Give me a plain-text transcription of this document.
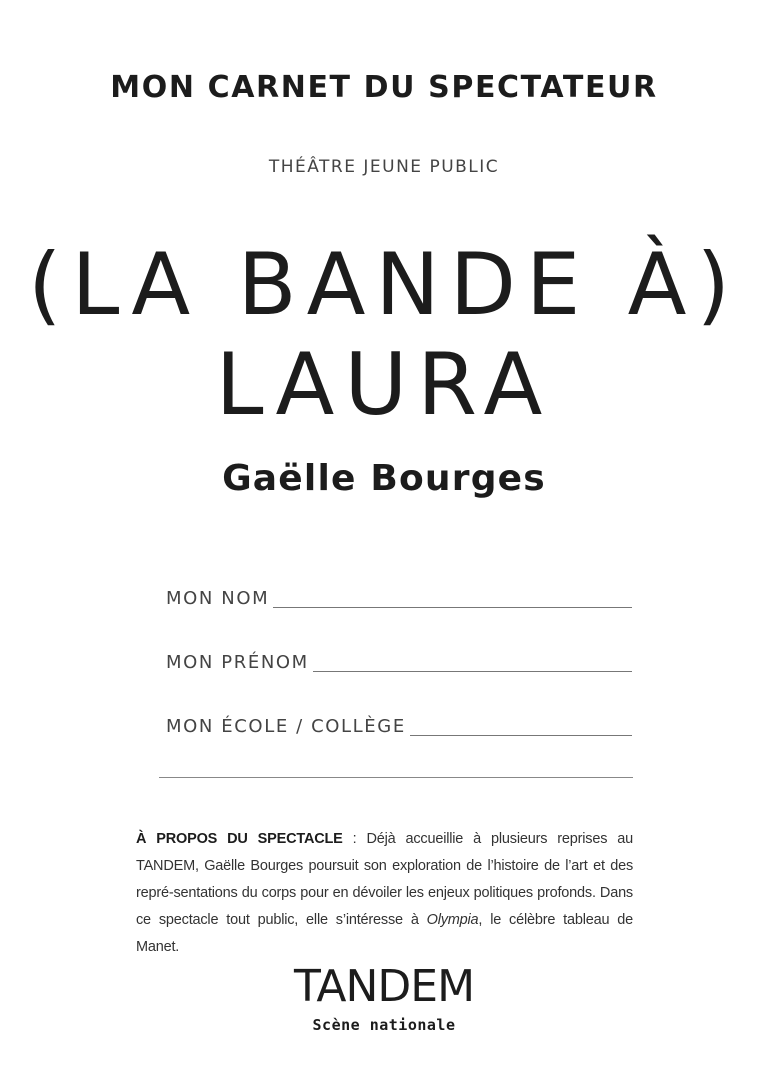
MON CARNET DU SPECTATEUR
THÉÂTRE JEUNE PUBLIC
(LA BANDE À)
LAURA
Gaëlle Bourges
MON NOM
MON PRÉNOM
MON ÉCOLE / COLLÈGE
À PROPOS DU SPECTACLE : Déjà accueillie à plusieurs reprises au TANDEM, Gaëlle Bourges poursuit son exploration de l’histoire de l’art et des repré-sentations du corps pour en dévoiler les enjeux politiques profonds. Dans ce spectacle tout public, elle s’intéresse à Olympia, le célèbre tableau de Manet.
TANDEM
Scène nationale
